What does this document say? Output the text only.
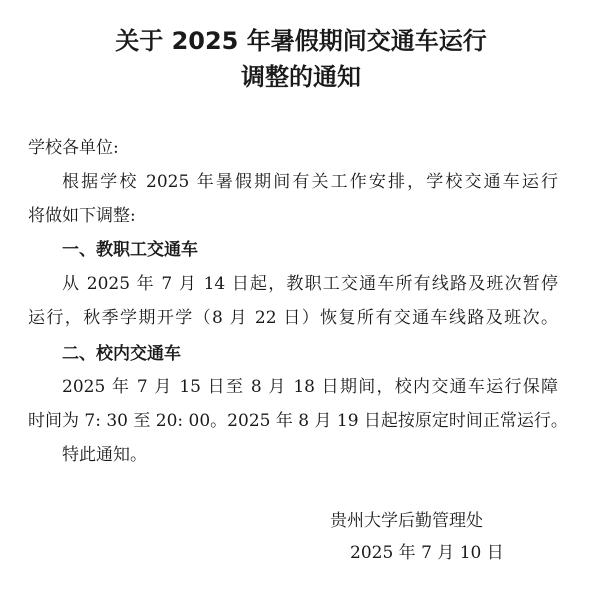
关于 2025 年暑假期间交通车运行
调整的通知
学校各单位:
根据学校 2025 年暑假期间有关工作安排，学校交通车运行
将做如下调整:
一、教职工交通车
从 2025 年 7 月 14 日起，教职工交通车所有线路及班次暂停
运行，秋季学期开学（8 月 22 日）恢复所有交通车线路及班次。
二、校内交通车
2025 年 7 月 15 日至 8 月 18 日期间，校内交通车运行保障
时间为 7: 30 至 20: 00。2025 年 8 月 19 日起按原定时间正常运行。
特此通知。
贵州大学后勤管理处
2025 年 7 月 10 日
